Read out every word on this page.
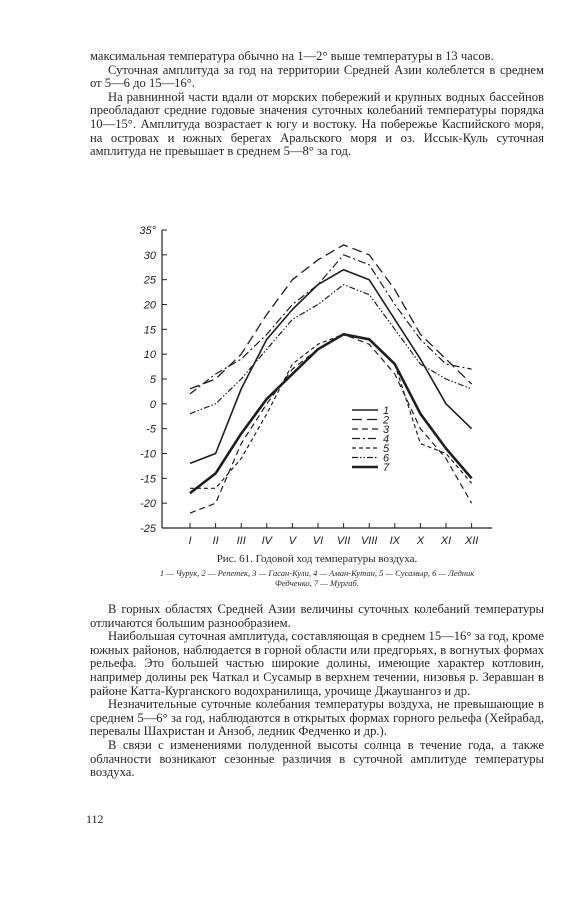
максимальная температура обычно на 1—2° выше температуры в 13 часов.

Суточная амплитуда за год на территории Средней Азии колеблется в среднем от 5—6 до 15—16°.

На равнинной части вдали от морских побережий и крупных водных бассейнов преобладают средние годовые значения суточных колебаний температуры порядка 10—15°. Амплитуда возрастает к югу и востоку. На побережье Каспийского моря, на островах и южных берегах Аральского моря и оз. Иссык-Куль суточная амплитуда не превышает в среднем 5—8° за год.

35°
30
25
20
15
10
5
0
-5
-10
-15
-20
-25
I II III IV V VI VII VIII IX X XI XII
1
2
3
4
5
6
7
Рис. 61. Годовой ход температуры воздуха.
1 — Чурук, 2 — Репетек, 3 — Гасан-Кули, 4 — Аман-Кутан, 5 — Сусамыр, 6 — Ледник Федченко, 7 — Мургаб.

В горных областях Средней Азии величины суточных колебаний температуры отличаются большим разнообразием.

Наибольшая суточная амплитуда, составляющая в среднем 15—16° за год, кроме южных районов, наблюдается в горной области или предгорьях, в вогнутых формах рельефа. Это большей частью широкие долины, имеющие характер котловин, например долины рек Чаткал и Сусамыр в верхнем течении, низовья р. Зеравшан в районе Катта-Курганского водохранилища, урочище Джаушангоз и др.

Незначительные суточные колебания температуры воздуха, не превышающие в среднем 5—6° за год, наблюдаются в открытых формах горного рельефа (Хейрабад, перевалы Шахристан и Анзоб, ледник Федченко и др.).

В связи с изменениями полуденной высоты солнца в течение года, а также облачности возникают сезонные различия в суточной амплитуде температуры воздуха.

112
